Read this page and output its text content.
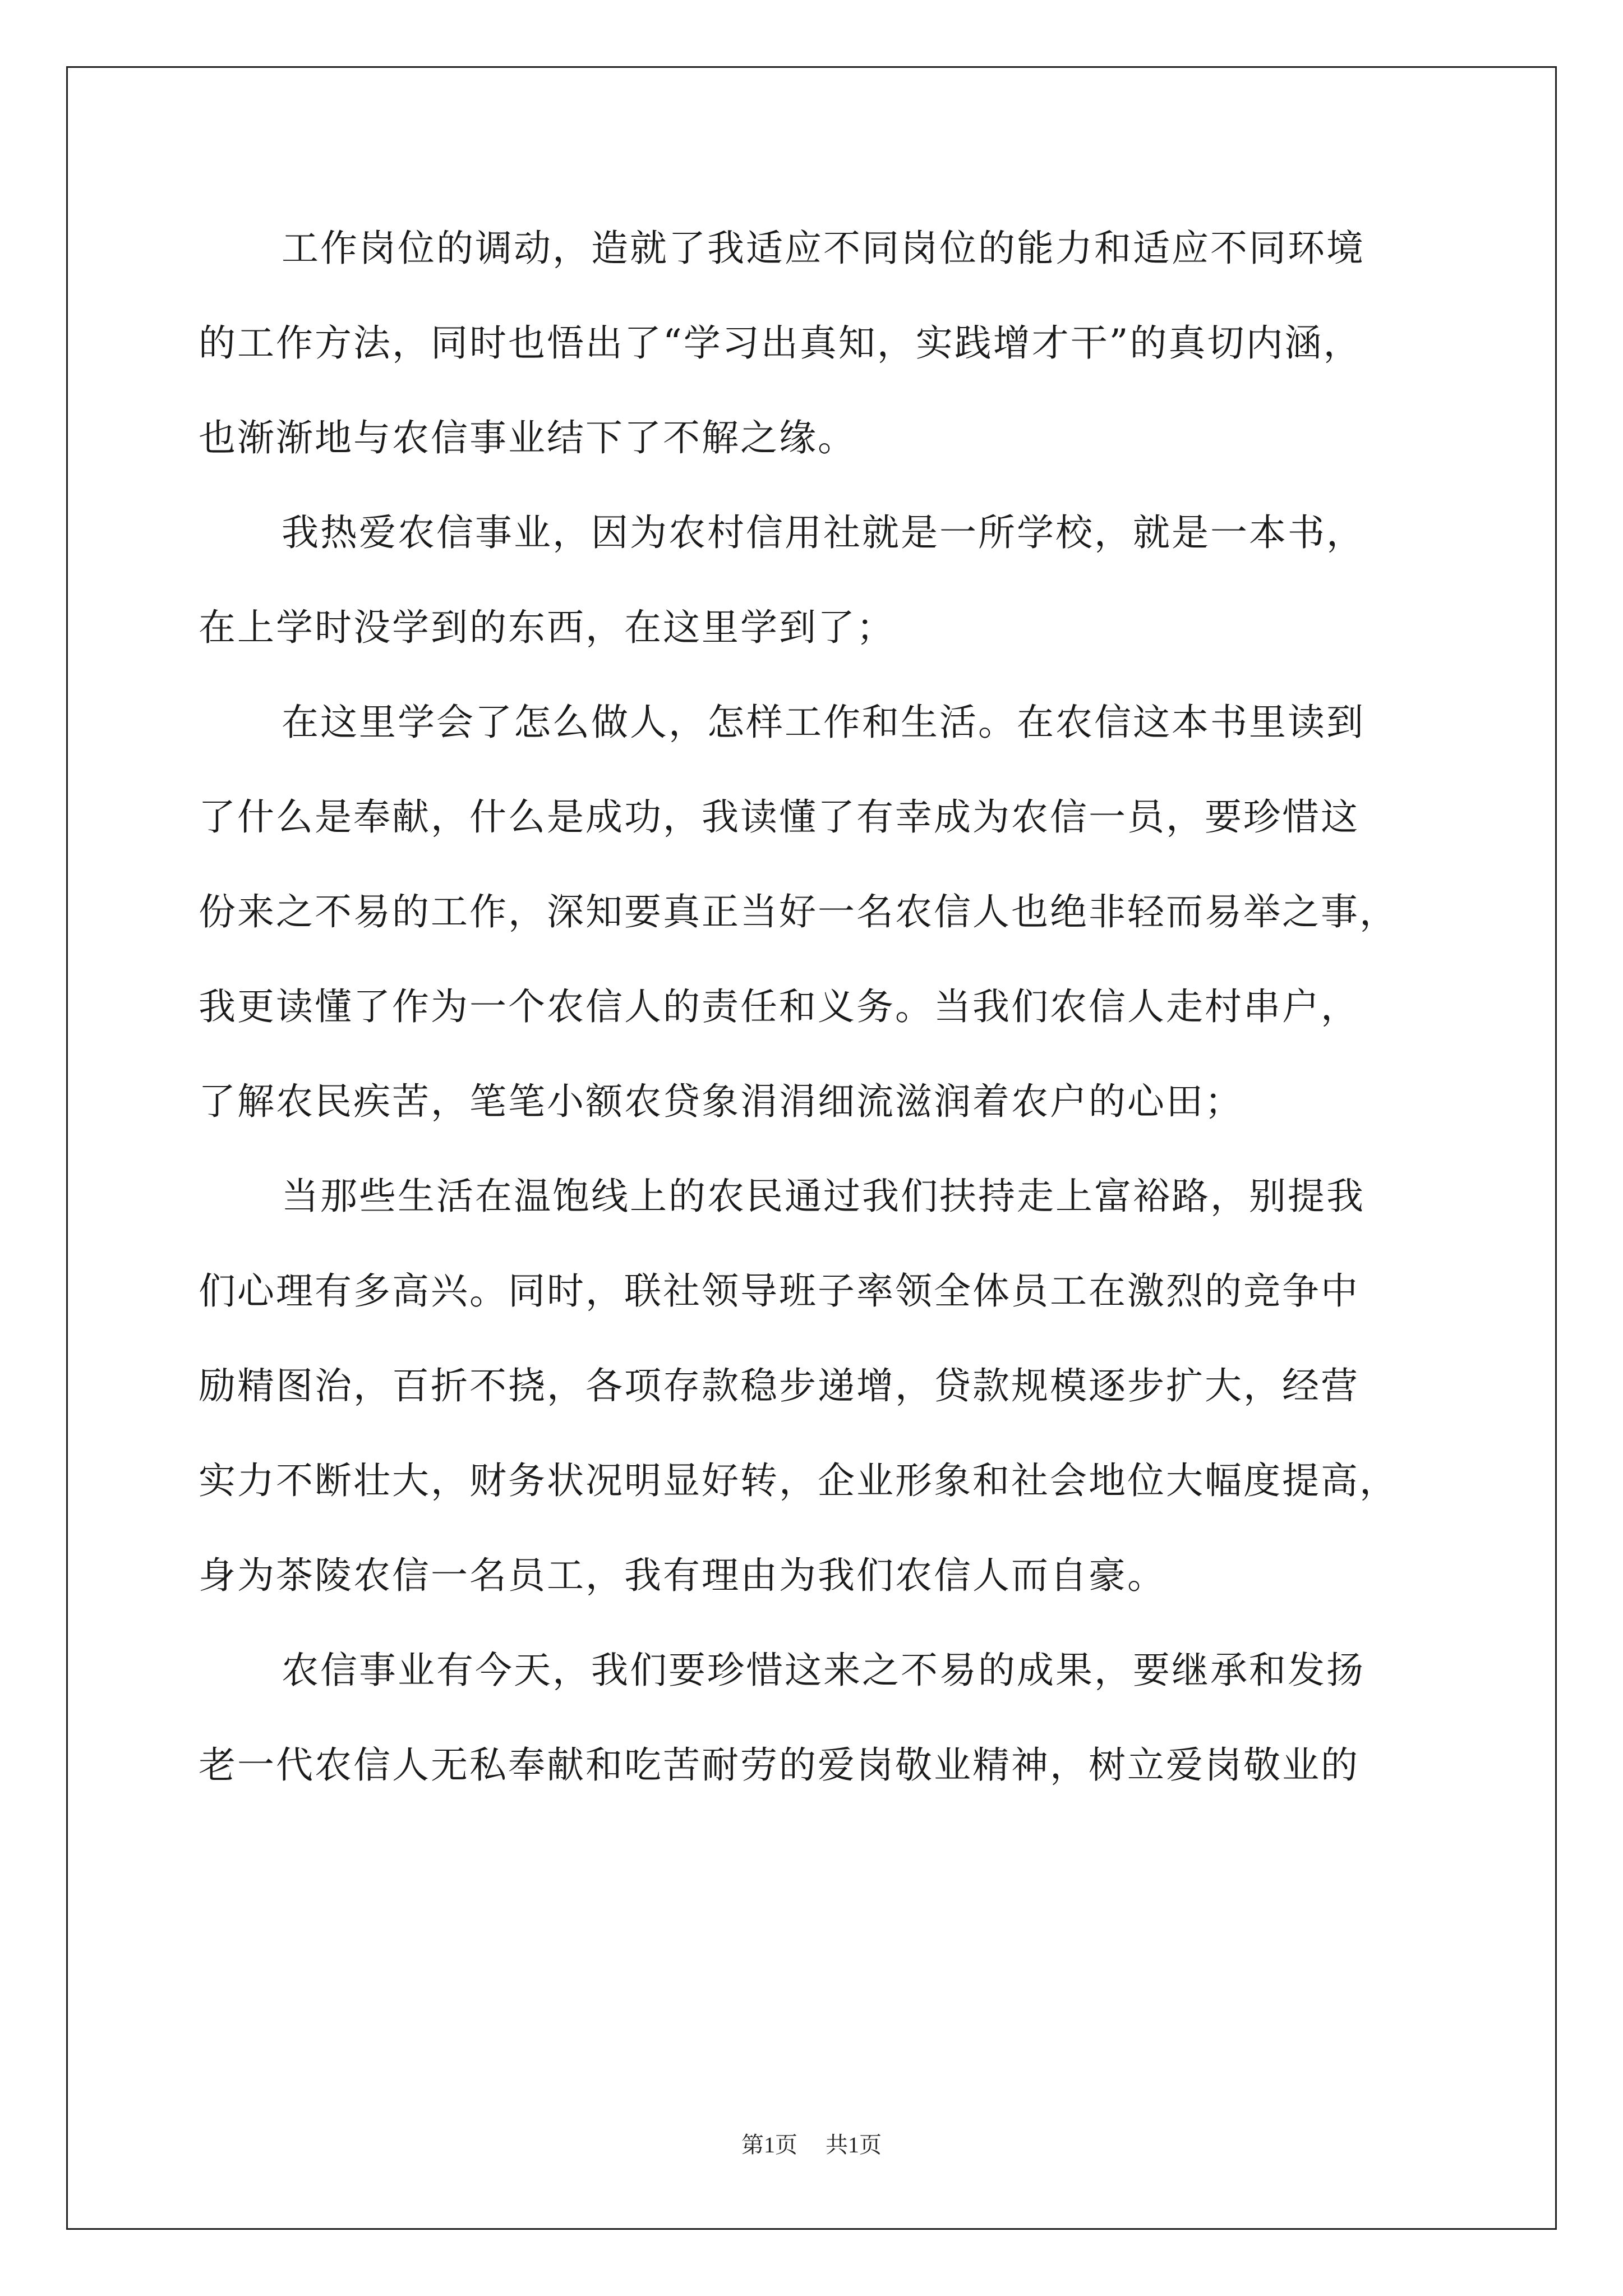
工作岗位的调动，造就了我适应不同岗位的能力和适应不同环境
的工作方法，同时也悟出了“学习出真知，实践增才干”的真切内涵，
也渐渐地与农信事业结下了不解之缘。
我热爱农信事业，因为农村信用社就是一所学校，就是一本书，
在上学时没学到的东西，在这里学到了；
在这里学会了怎么做人，怎样工作和生活。在农信这本书里读到
了什么是奉献，什么是成功，我读懂了有幸成为农信一员，要珍惜这
份来之不易的工作，深知要真正当好一名农信人也绝非轻而易举之事，
我更读懂了作为一个农信人的责任和义务。当我们农信人走村串户，
了解农民疾苦，笔笔小额农贷象涓涓细流滋润着农户的心田；
当那些生活在温饱线上的农民通过我们扶持走上富裕路，别提我
们心理有多高兴。同时，联社领导班子率领全体员工在激烈的竞争中
励精图治，百折不挠，各项存款稳步递增，贷款规模逐步扩大，经营
实力不断壮大，财务状况明显好转，企业形象和社会地位大幅度提高，
身为茶陵农信一名员工，我有理由为我们农信人而自豪。
农信事业有今天，我们要珍惜这来之不易的成果，要继承和发扬
老一代农信人无私奉献和吃苦耐劳的爱岗敬业精神，树立爱岗敬业的
第1页 共1页
